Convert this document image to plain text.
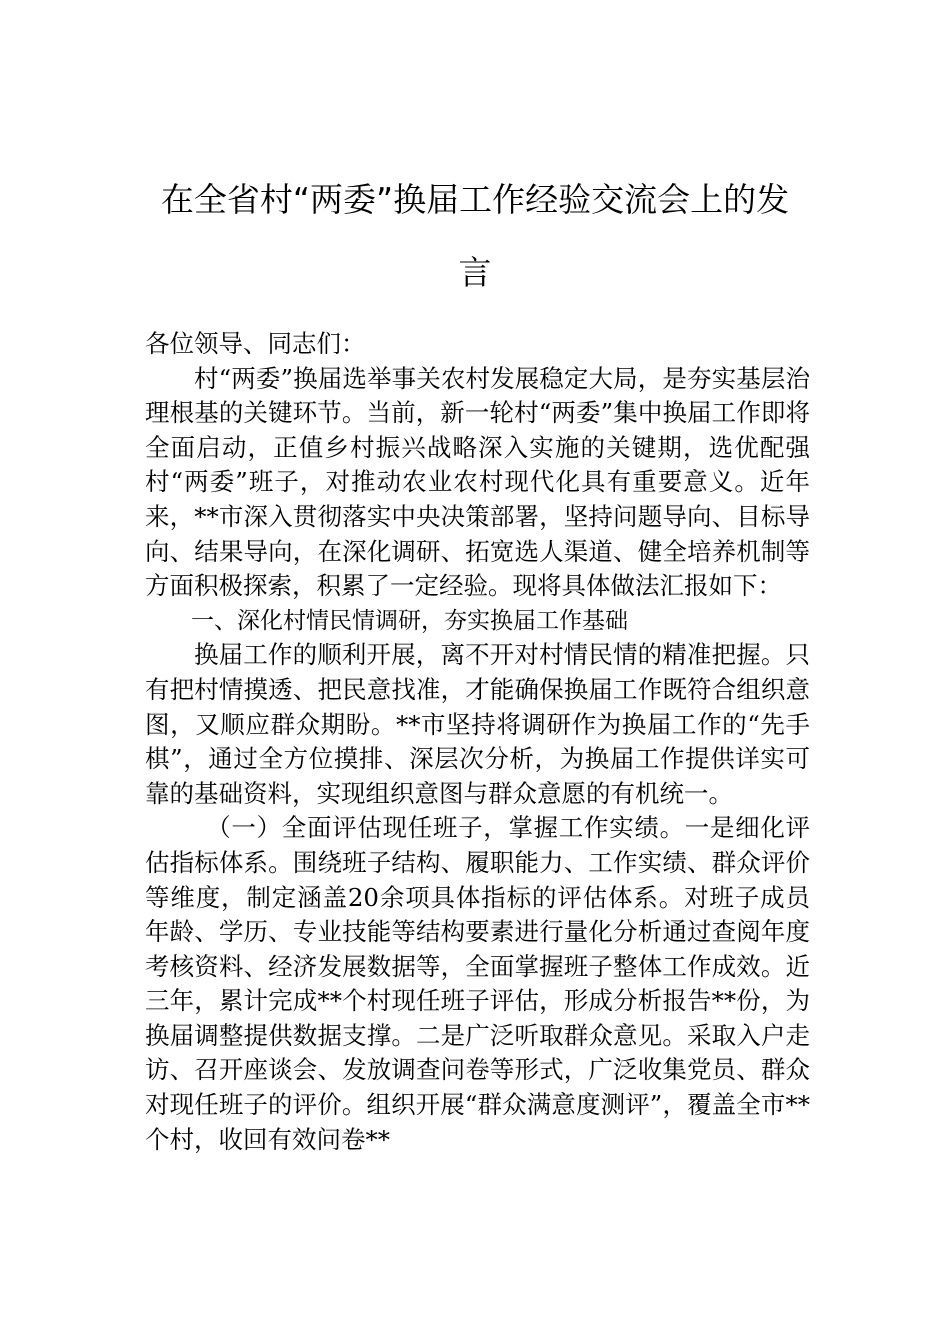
在全省村“两委”换届工作经验交流会上的发言

各位领导、同志们：

村“两委”换届选举事关农村发展稳定大局，是夯实基层治理根基的关键环节。当前，新一轮村“两委”集中换届工作即将全面启动，正值乡村振兴战略深入实施的关键期，选优配强村“两委”班子，对推动农业农村现代化具有重要意义。近年来，**市深入贯彻落实中央决策部署，坚持问题导向、目标导向、结果导向，在深化调研、拓宽选人渠道、健全培养机制等方面积极探索，积累了一定经验。现将具体做法汇报如下：

一、深化村情民情调研，夯实换届工作基础

换届工作的顺利开展，离不开对村情民情的精准把握。只有把村情摸透、把民意找准，才能确保换届工作既符合组织意图，又顺应群众期盼。**市坚持将调研作为换届工作的“先手棋”，通过全方位摸排、深层次分析，为换届工作提供详实可靠的基础资料，实现组织意图与群众意愿的有机统一。

（一）全面评估现任班子，掌握工作实绩。一是细化评估指标体系。围绕班子结构、履职能力、工作实绩、群众评价等维度，制定涵盖20余项具体指标的评估体系。对班子成员年龄、学历、专业技能等结构要素进行量化分析通过查阅年度考核资料、经济发展数据等，全面掌握班子整体工作成效。近三年，累计完成**个村现任班子评估，形成分析报告**份，为换届调整提供数据支撑。二是广泛听取群众意见。采取入户走访、召开座谈会、发放调查问卷等形式，广泛收集党员、群众对现任班子的评价。组织开展“群众满意度测评”，覆盖全市**个村，收回有效问卷**
